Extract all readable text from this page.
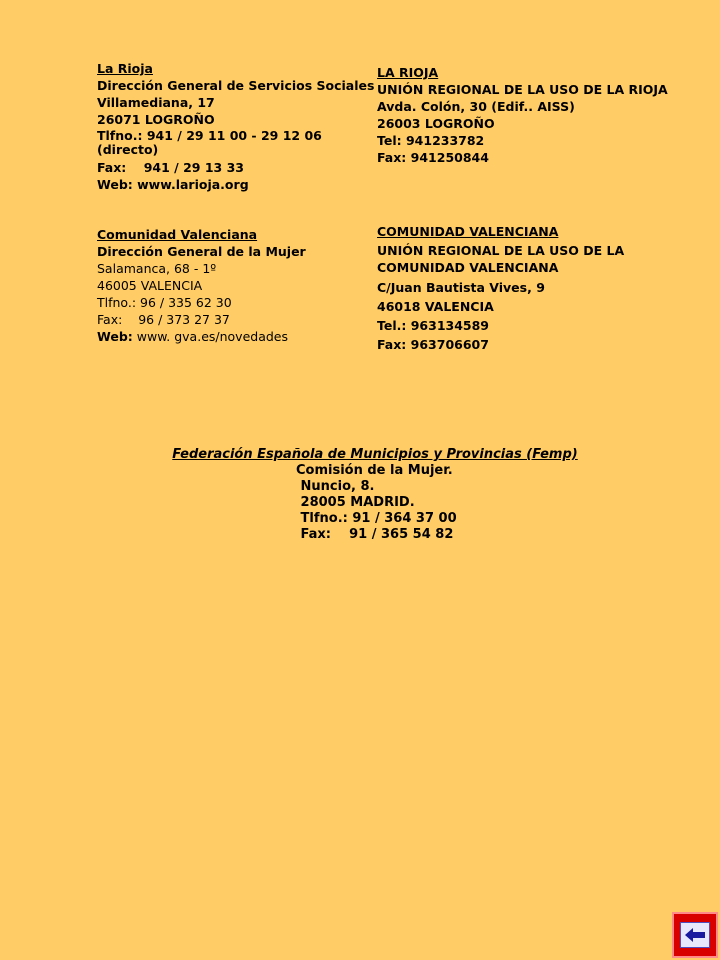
La Rioja
Dirección General de Servicios Sociales
Villamediana, 17
26071 LOGROÑO
Tlfno.: 941 / 29 11 00 - 29 12 06 (directo)
Fax:    941 / 29 13 33
Web: www.larioja.org
LA RIOJA
UNIÓN REGIONAL DE LA USO DE LA RIOJA
Avda. Colón, 30 (Edif.. AISS)
26003 LOGROÑO
Tel: 941233782
Fax: 941250844
Comunidad Valenciana
Dirección General de la Mujer
Salamanca, 68 - 1º
46005 VALENCIA
Tlfno.: 96 / 335 62 30
Fax:    96 / 373 27 37
Web: www. gva.es/novedades
COMUNIDAD VALENCIANA
UNIÓN REGIONAL DE LA USO DE LA COMUNIDAD VALENCIANA
C/Juan Bautista Vives, 9
46018 VALENCIA
Tel.: 963134589
Fax: 963706607
Federación Española de Municipios y Provincias (Femp)
Comisión de la Mujer.
Nuncio, 8.
28005 MADRID.
Tlfno.: 91 / 364 37 00
Fax:    91 / 365 54 82
